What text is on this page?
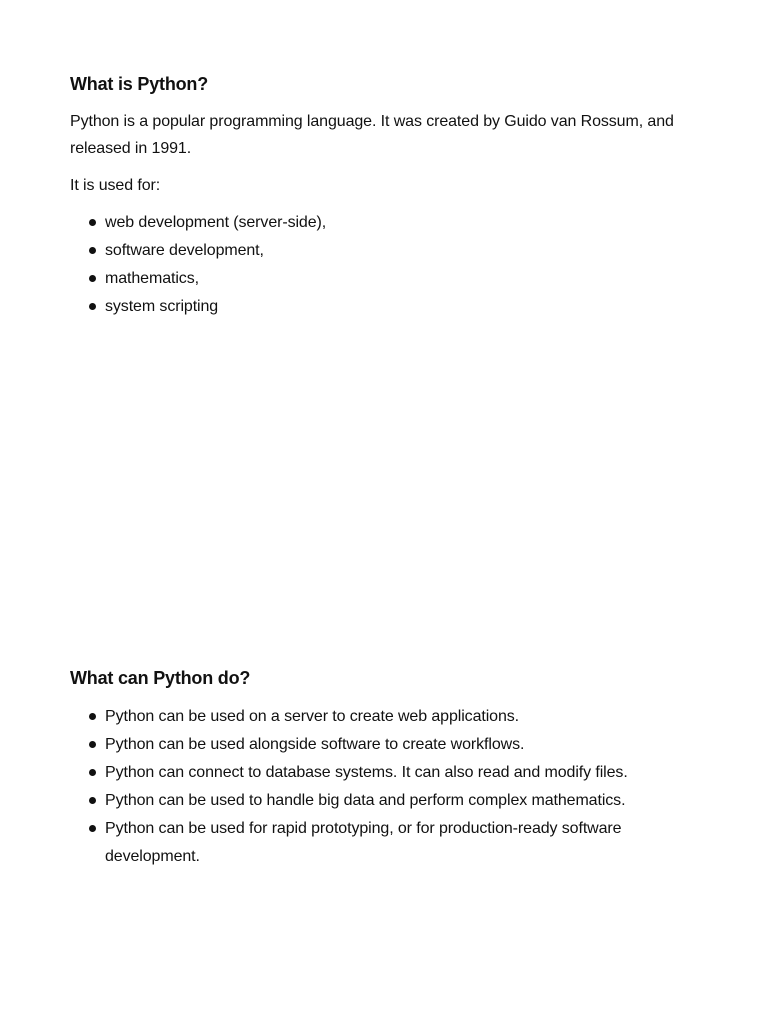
What is Python?

Python is a popular programming language. It was created by Guido van Rossum, and released in 1991.

It is used for:

web development (server-side),
software development,
mathematics,
system scripting
What can Python do?
Python can be used on a server to create web applications.
Python can be used alongside software to create workflows.
Python can connect to database systems. It can also read and modify files.
Python can be used to handle big data and perform complex mathematics.
Python can be used for rapid prototyping, or for production-ready software development.
